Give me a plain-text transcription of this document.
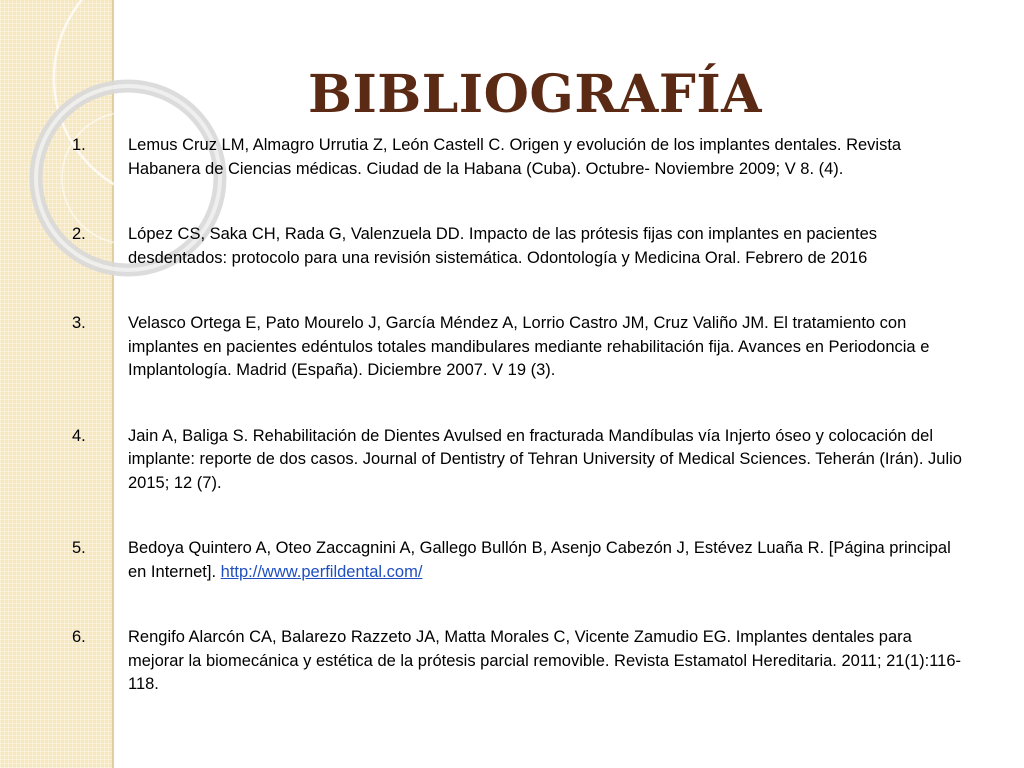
BIBLIOGRAFÍA
1.	Lemus Cruz LM, Almagro Urrutia Z, León Castell C. Origen y evolución de los implantes dentales. Revista Habanera de Ciencias médicas. Ciudad de la Habana (Cuba). Octubre- Noviembre 2009; V 8. (4).
2.	López CS, Saka CH, Rada G, Valenzuela DD. Impacto de las prótesis fijas con implantes en pacientes desdentados: protocolo para una revisión sistemática. Odontología y Medicina Oral. Febrero de 2016
3.	Velasco Ortega E, Pato Mourelo J, García Méndez A, Lorrio Castro JM, Cruz Valiño JM. El tratamiento con implantes en pacientes edéntulos totales mandibulares mediante rehabilitación fija. Avances en Periodoncia e Implantología. Madrid (España). Diciembre 2007. V 19 (3).
4.	Jain A, Baliga S. Rehabilitación de Dientes Avulsed en fracturada Mandíbulas vía Injerto óseo y colocación del implante: reporte de dos casos. Journal of Dentistry of Tehran University of Medical Sciences. Teherán (Irán). Julio 2015; 12 (7).
5.	Bedoya Quintero A, Oteo Zaccagnini A, Gallego Bullón B, Asenjo Cabezón J, Estévez Luaña R. [Página principal en Internet]. http://www.perfildental.com/
6.	Rengifo Alarcón CA, Balarezo Razzeto JA, Matta Morales C, Vicente Zamudio EG. Implantes dentales para mejorar la biomecánica y estética de la prótesis parcial removible. Revista Estamatol Hereditaria. 2011; 21(1):116-118.
